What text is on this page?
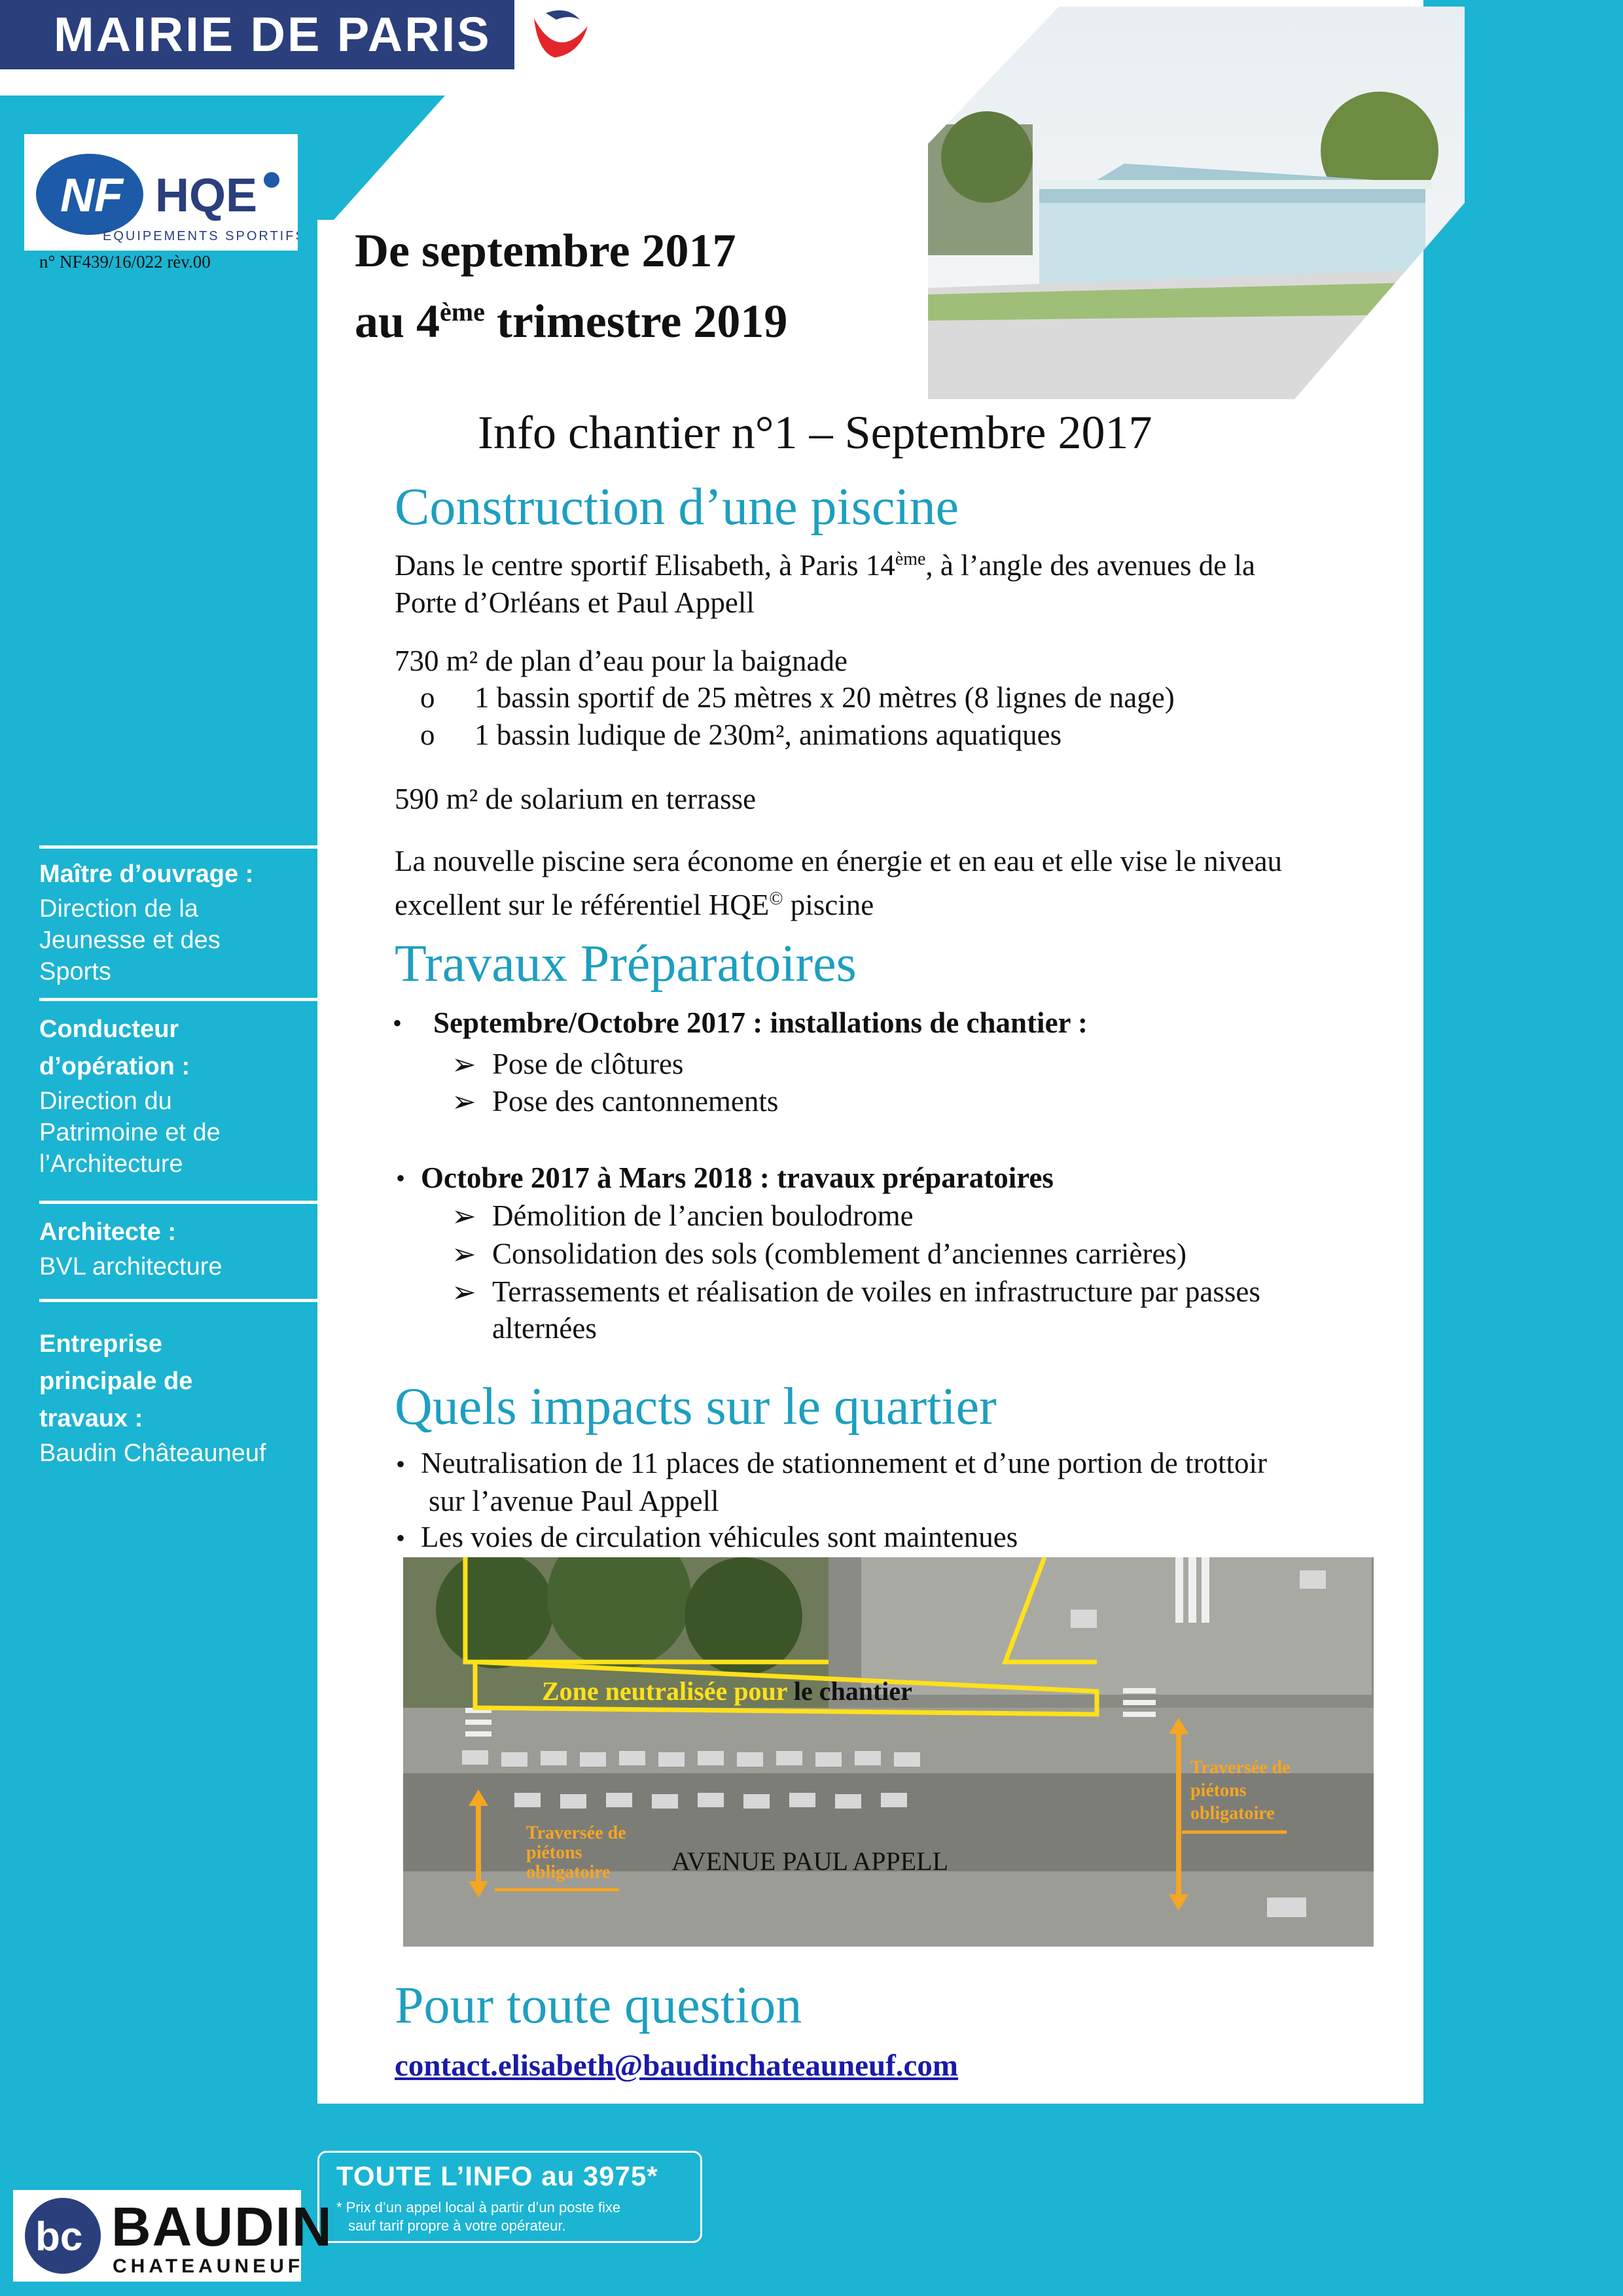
MAIRIE DE PARIS
NF HQE
ÉQUIPEMENTS SPORTIFS
n° NF439/16/022 rèv.00	De septembre 2017
au 4ème trimestre 2019
Info chantier n°1 – Septembre 2017
Construction d’une piscine
Dans le centre sportif Elisabeth, à Paris 14ème, à l’angle des avenues de la
Porte d’Orléans et Paul Appell
730 m² de plan d’eau pour la baignade
o 1 bassin sportif de 25 mètres x 20 mètres (8 lignes de nage)
o 1 bassin ludique de 230m², animations aquatiques
590 m² de solarium en terrasse
La nouvelle piscine sera économe en énergie et en eau et elle vise le niveau
excellent sur le référentiel HQE© piscine
Travaux Préparatoires
• Septembre/Octobre 2017 : installations de chantier :
➢ Pose de clôtures
➢ Pose des cantonnements
• Octobre 2017 à Mars 2018 : travaux préparatoires
➢ Démolition de l’ancien boulodrome
➢ Consolidation des sols (comblement d’anciennes carrières)
➢ Terrassements et réalisation de voiles en infrastructure par passes
alternées
Quels impacts sur le quartier
• Neutralisation de 11 places de stationnement et d’une portion de trottoir
sur l’avenue Paul Appell
• Les voies de circulation véhicules sont maintenues
Zone neutralisée pour le chantier
Traversée de
piétons
obligatoire
Traversée de
piétons
obligatoire
AVENUE PAUL APPELL
Pour toute question
contact.elisabeth@baudinchateauneuf.com
Maître d’ouvrage :
Direction de la
Jeunesse et des
Sports
Conducteur
d’opération :
Direction du
Patrimoine et de
l’Architecture
Architecte :
BVL architecture
Entreprise
principale de
travaux :
Baudin Châteauneuf
TOUTE L’INFO au 3975*
* Prix d’un appel local à partir d’un poste fixe
sauf tarif propre à votre opérateur.
bc BAUDIN
CHATEAUNEUF
